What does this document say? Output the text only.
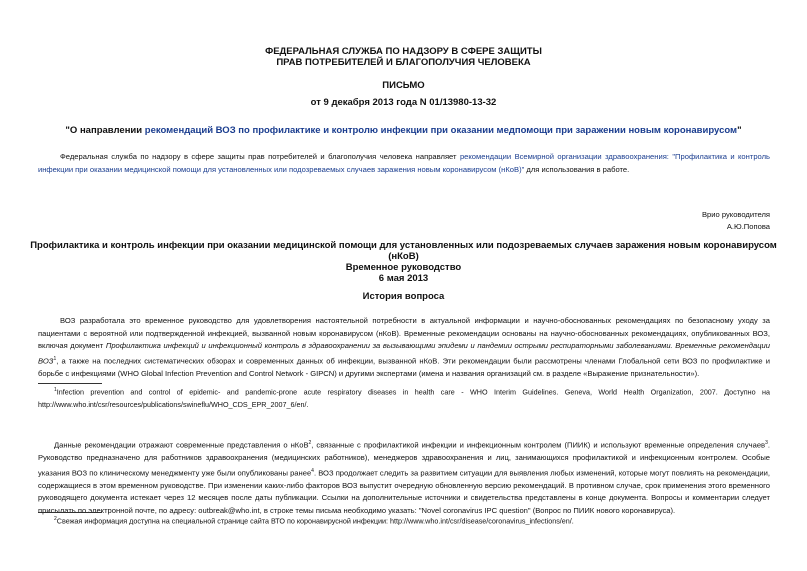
ФЕДЕРАЛЬНАЯ СЛУЖБА ПО НАДЗОРУ В СФЕРЕ ЗАЩИТЫ
ПРАВ ПОТРЕБИТЕЛЕЙ И БЛАГОПОЛУЧИЯ ЧЕЛОВЕКА
ПИСЬМО
от 9 декабря 2013 года N 01/13980-13-32
"О направлении рекомендаций ВОЗ по профилактике и контролю инфекции при оказании медпомощи при заражении новым коронавирусом"
Федеральная служба по надзору в сфере защиты прав потребителей и благополучия человека направляет рекомендации Всемирной организации здравоохранения: "Профилактика и контроль инфекции при оказании медицинской помощи для установленных или подозреваемых случаев заражения новым коронавирусом (нКоВ)" для использования в работе.
Врио руководителя
А.Ю.Попова
Профилактика и контроль инфекции при оказании медицинской помощи для установленных или подозреваемых случаев заражения новым коронавирусом (нКоВ)
Временное руководство
6 мая 2013
История вопроса
ВОЗ разработала это временное руководство для удовлетворения настоятельной потребности в актуальной информации и научно-обоснованных рекомендациях по безопасному уходу за пациентами с вероятной или подтвержденной инфекцией, вызванной новым коронавирусом (нКоВ). Временные рекомендации основаны на научно-обоснованных рекомендациях, опубликованных ВОЗ, включая документ Профилактика инфекций и инфекционный контроль в здравоохранении за вызывающими эпидеми и пандемии острыми респираторными заболеваниями. Временные рекомендации ВОЗ$^1$, а также на последних систематических обзорах и современных данных об инфекции, вызванной нКоВ. Эти рекомендации были рассмотрены членами Глобальной сети ВОЗ по профилактике и борьбе с инфекциями (WHO Global Infection Prevention and Control Network - GIPCN) и другими экспертами (имена и названия организаций см. в разделе «Выражение признательности»).
$^1$Infection prevention and control of epidemic- and pandemic-prone acute respiratory diseases in health care - WHO Interim Guidelines. Geneva, World Health Organization, 2007. Доступно на http://www.who.int/csr/resources/publications/swineflu/WHO_CDS_EPR_2007_6/en/.
Данные рекомендации отражают современные представления о нКоВ$^2$, связанные с профилактикой инфекции и инфекционным контролем (ПИИК) и используют временные определения случаев$^3$. Руководство предназначено для работников здравоохранения (медицинских работников), менеджеров здравоохранения и лиц, занимающихся профилактикой и инфекционным контролем. Особые указания ВОЗ по клиническому менеджменту уже были опубликованы ранее$^4$. ВОЗ продолжает следить за развитием ситуации для выявления любых изменений, которые могут повлиять на рекомендации, содержащиеся в этом временном руководстве. При изменении каких-либо факторов ВОЗ выпустит очередную обновленную версию рекомендаций. В противном случае, срок применения этого временного руководящего документа истекает через 12 месяцев после даты публикации. Ссылки на дополнительные источники и свидетельства представлены в конце документа. Вопросы и комментарии следует присылать по электронной почте, по адресу: outbreak@who.int, в строке темы письма необходимо указать: "Novel coronavirus IPC question" (Вопрос по ПИИК нового коронавируса).
$^2$Свежая информация доступна на специальной странице сайта ВТО по коронавирусной инфекции: http://www.who.int/csr/disease/coronavirus_infections/en/.
